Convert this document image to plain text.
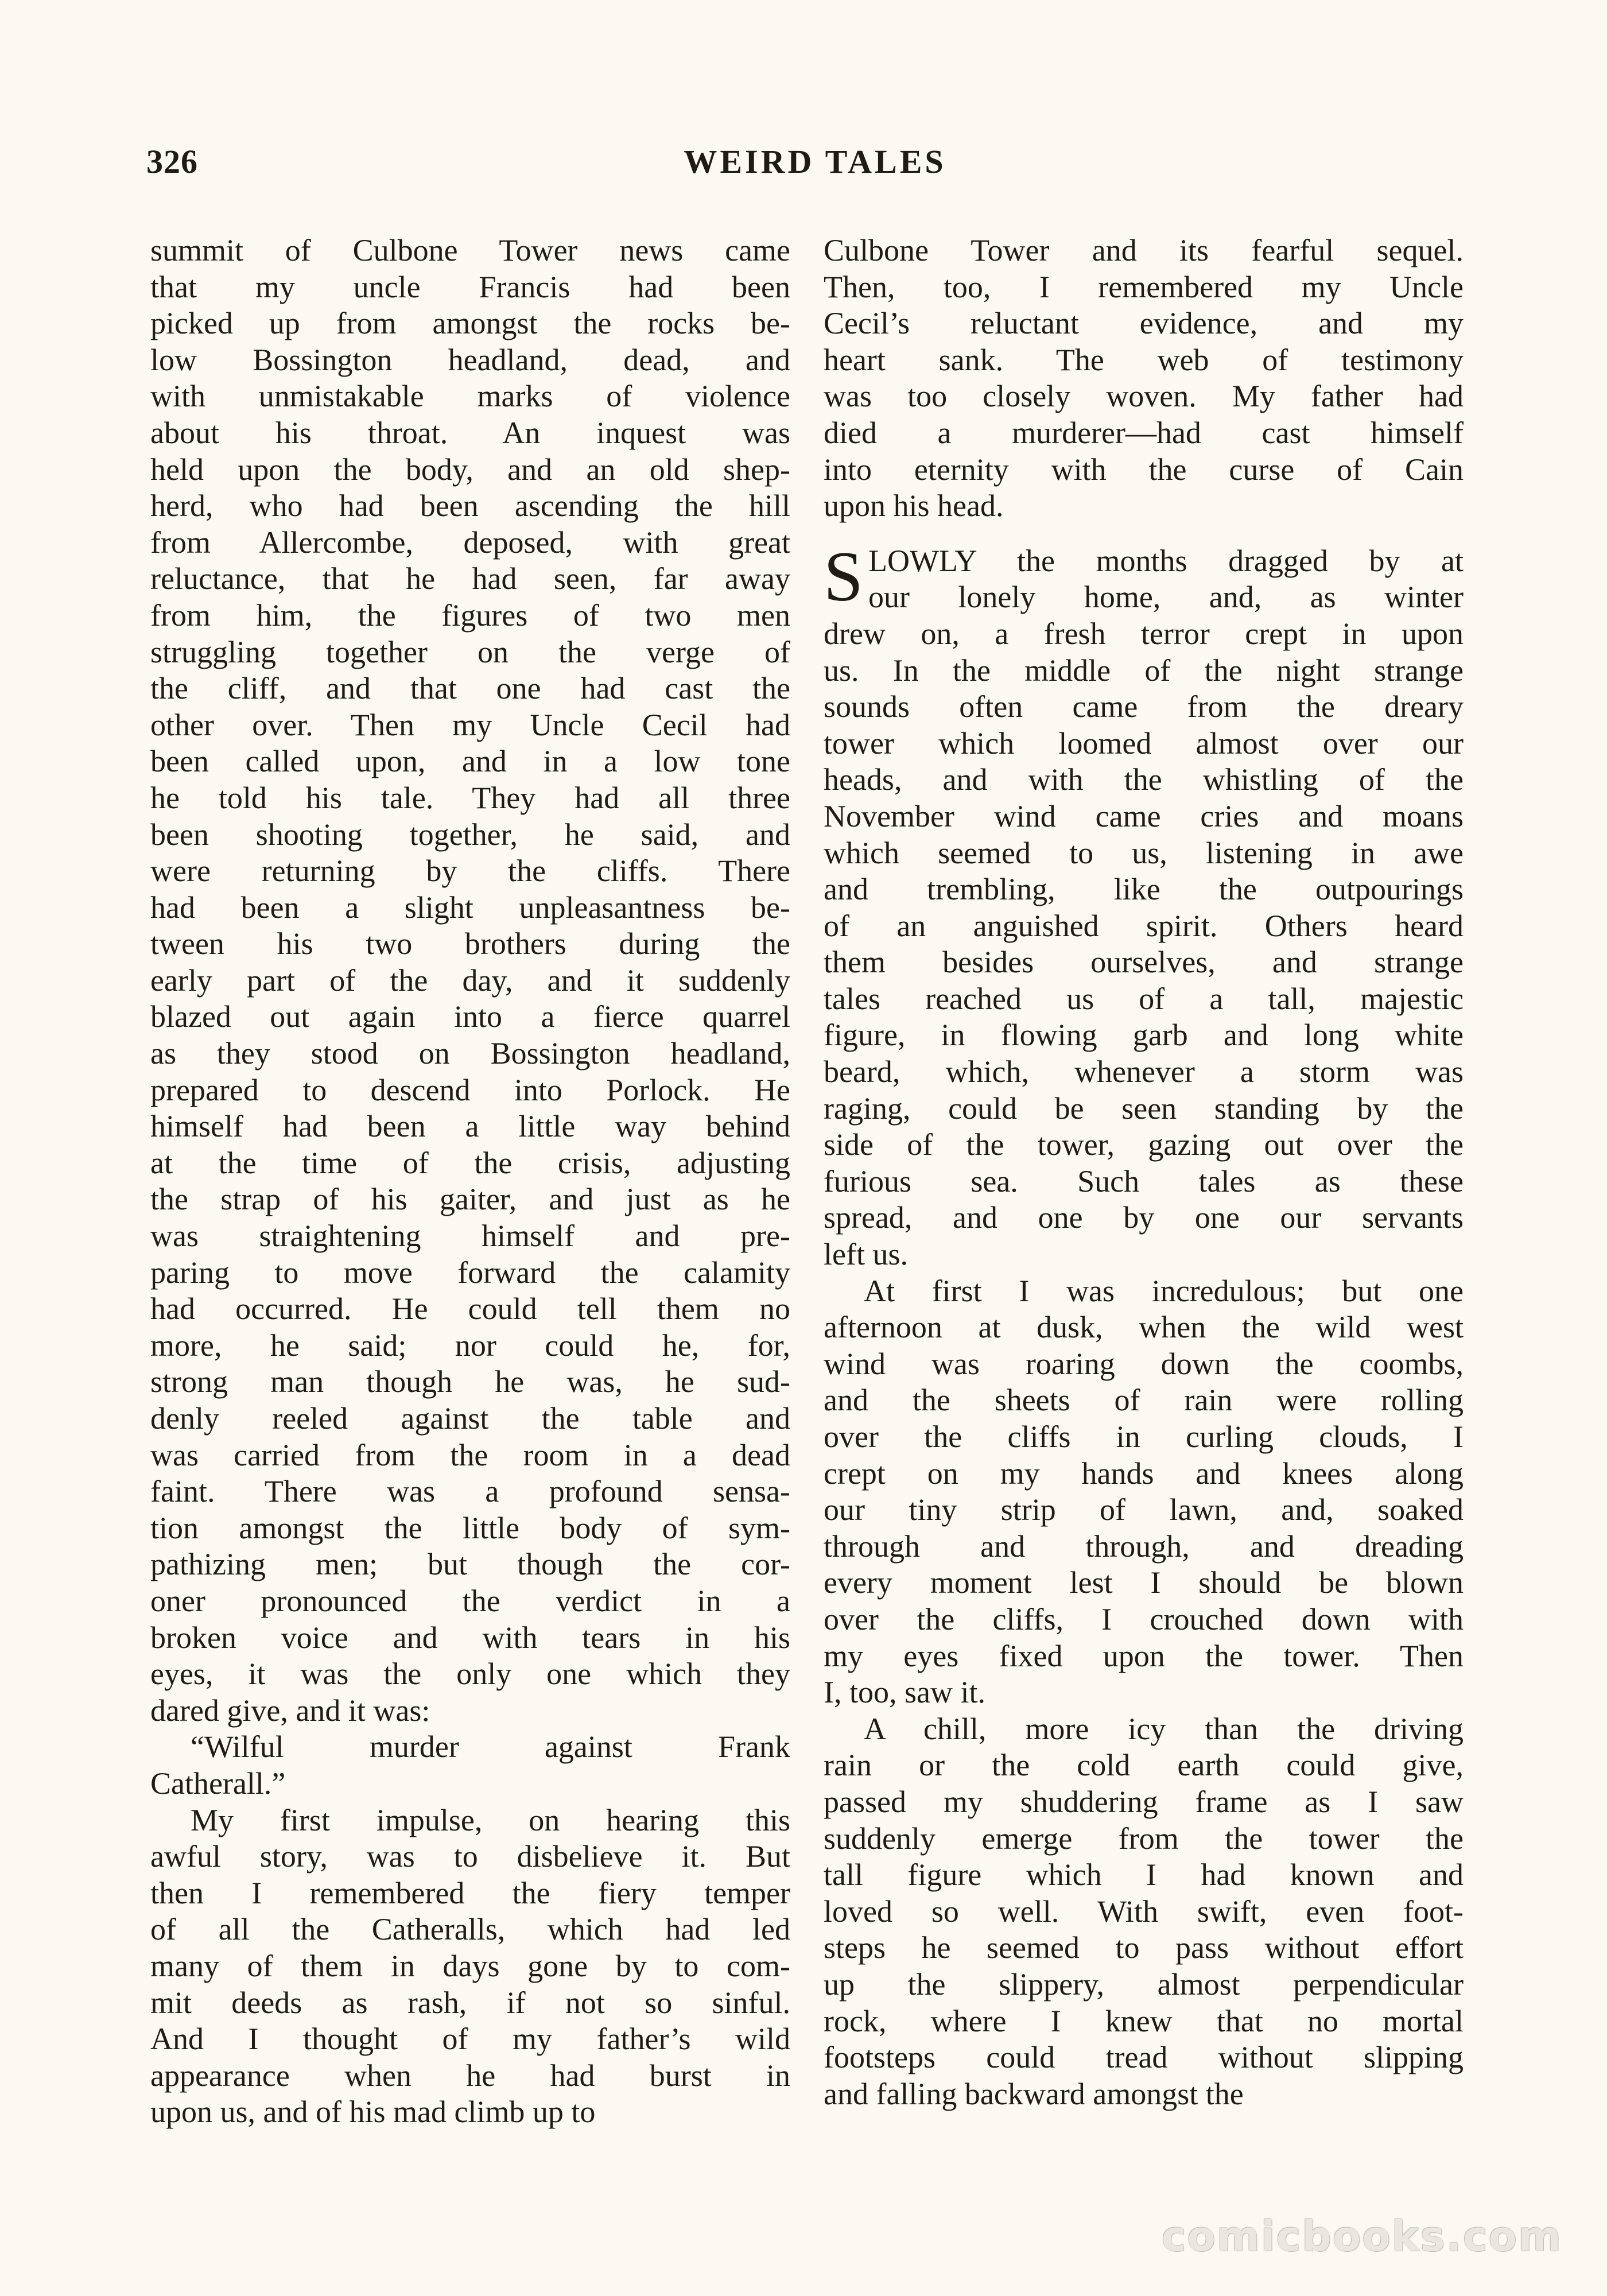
326	WEIRD TALES
summit of Culbone Tower news came
that my uncle Francis had been
picked up from amongst the rocks be-
low Bossington headland, dead, and
with unmistakable marks of violence
about his throat. An inquest was
held upon the body, and an old shep-
herd, who had been ascending the hill
from Allercombe, deposed, with great
reluctance, that he had seen, far away
from him, the figures of two men
struggling together on the verge of
the cliff, and that one had cast the
other over. Then my Uncle Cecil had
been called upon, and in a low tone
he told his tale. They had all three
been shooting together, he said, and
were returning by the cliffs. There
had been a slight unpleasantness be-
tween his two brothers during the
early part of the day, and it suddenly
blazed out again into a fierce quarrel
as they stood on Bossington headland,
prepared to descend into Porlock. He
himself had been a little way behind
at the time of the crisis, adjusting
the strap of his gaiter, and just as he
was straightening himself and pre-
paring to move forward the calamity
had occurred. He could tell them no
more, he said; nor could he, for,
strong man though he was, he sud-
denly reeled against the table and
was carried from the room in a dead
faint. There was a profound sensa-
tion amongst the little body of sym-
pathizing men; but though the cor-
oner pronounced the verdict in a
broken voice and with tears in his
eyes, it was the only one which they
dared give, and it was:
“Wilful murder against Frank
Catherall.”
My first impulse, on hearing this
awful story, was to disbelieve it. But
then I remembered the fiery temper
of all the Catheralls, which had led
many of them in days gone by to com-
mit deeds as rash, if not so sinful.
And I thought of my father’s wild
appearance when he had burst in
upon us, and of his mad climb up to
Culbone Tower and its fearful sequel.
Then, too, I remembered my Uncle
Cecil’s reluctant evidence, and my
heart sank. The web of testimony
was too closely woven. My father had
died a murderer—had cast himself
into eternity with the curse of Cain
upon his head.
S LOWLY the months dragged by at
our lonely home, and, as winter
drew on, a fresh terror crept in upon
us. In the middle of the night strange
sounds often came from the dreary
tower which loomed almost over our
heads, and with the whistling of the
November wind came cries and moans
which seemed to us, listening in awe
and trembling, like the outpourings
of an anguished spirit. Others heard
them besides ourselves, and strange
tales reached us of a tall, majestic
figure, in flowing garb and long white
beard, which, whenever a storm was
raging, could be seen standing by the
side of the tower, gazing out over the
furious sea. Such tales as these
spread, and one by one our servants
left us.
At first I was incredulous; but one
afternoon at dusk, when the wild west
wind was roaring down the coombs,
and the sheets of rain were rolling
over the cliffs in curling clouds, I
crept on my hands and knees along
our tiny strip of lawn, and, soaked
through and through, and dreading
every moment lest I should be blown
over the cliffs, I crouched down with
my eyes fixed upon the tower. Then
I, too, saw it.
A chill, more icy than the driving
rain or the cold earth could give,
passed my shuddering frame as I saw
suddenly emerge from the tower the
tall figure which I had known and
loved so well. With swift, even foot-
steps he seemed to pass without effort
up the slippery, almost perpendicular
rock, where I knew that no mortal
footsteps could tread without slipping
and falling backward amongst the
comicbooks.com
